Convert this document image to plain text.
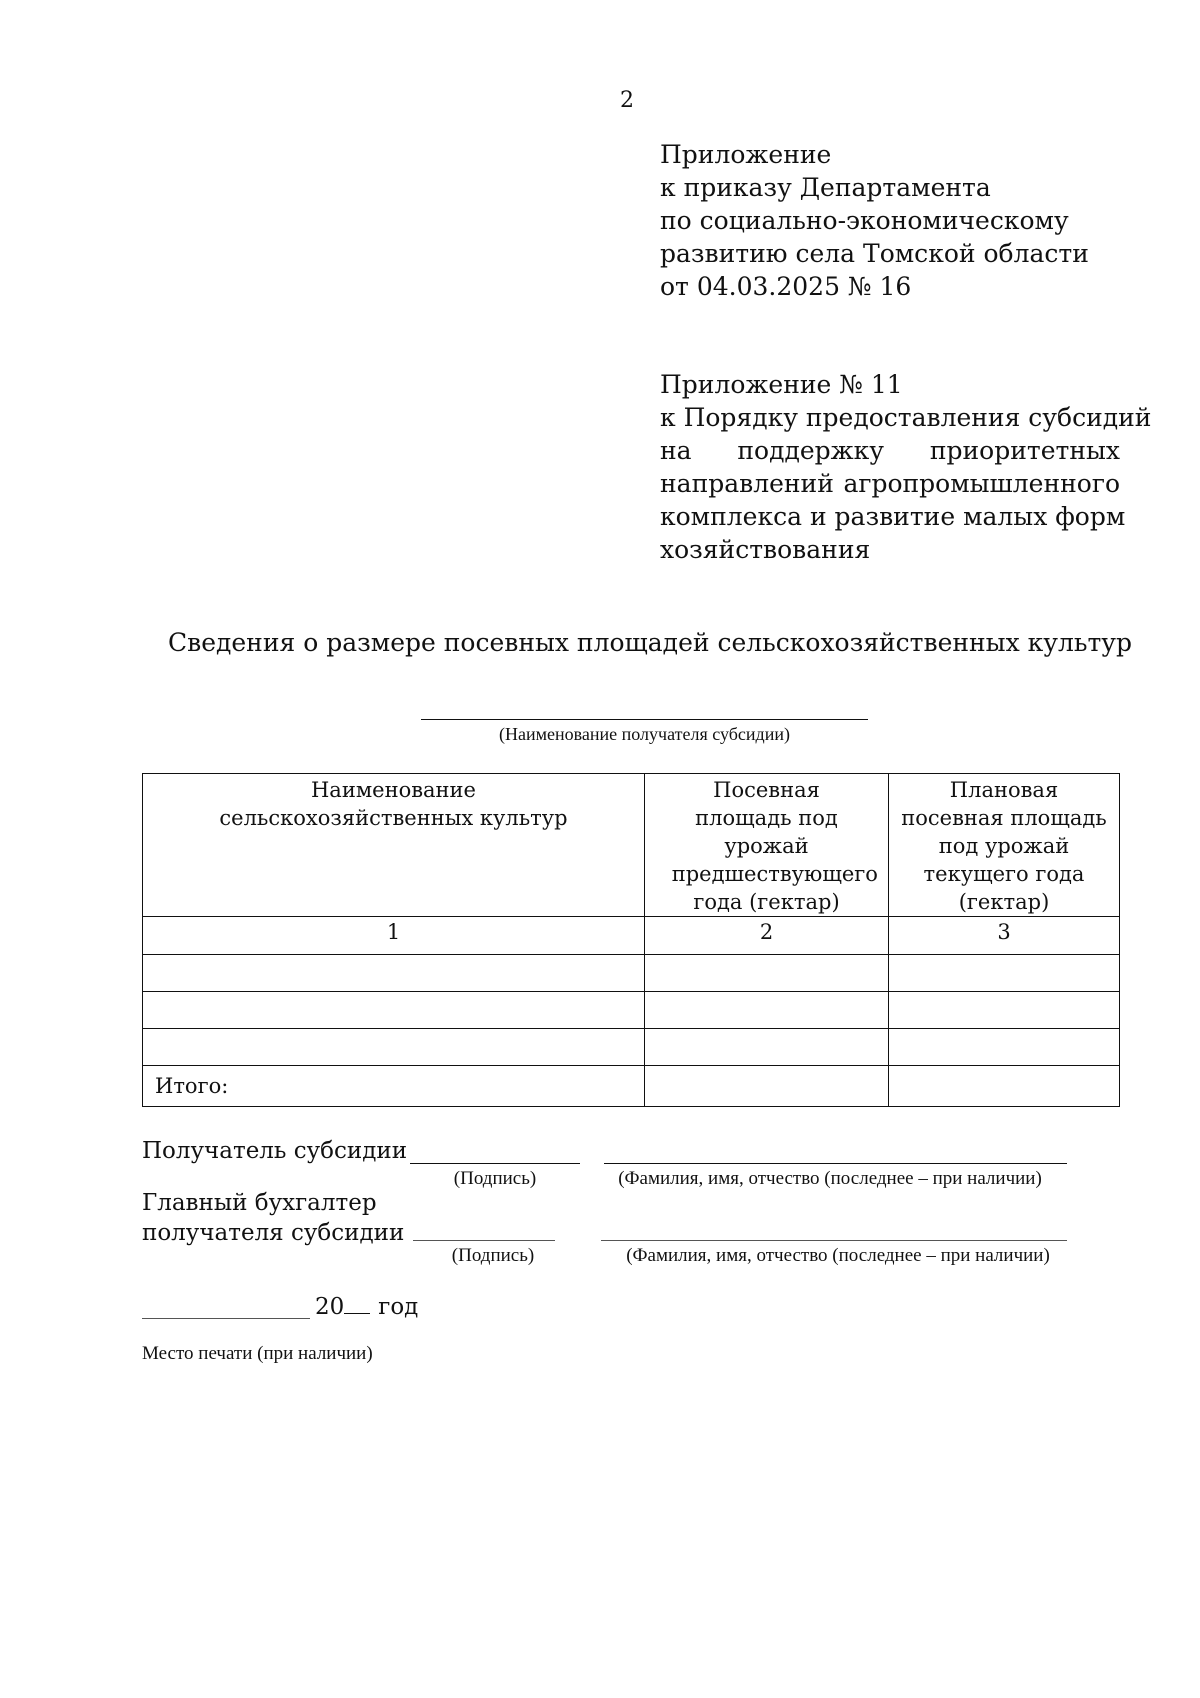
2
Приложение
к приказу Департамента
по социально-экономическому
развитию села Томской области
от 04.03.2025 № 16
Приложение № 11
к Порядку предоставления субсидий
на поддержку приоритетных
направлений агропромышленного
комплекса и развитие малых форм
хозяйствования
Сведения о размере посевных площадей сельскохозяйственных культур
(Наименование получателя субсидии)
Наименование сельскохозяйственных культур	Посевная площадь под урожай предшествующего года (гектар)	Плановая посевная площадь под урожай текущего года (гектар)
1	2	3

Итого:		
Получатель субсидии
(Подпись)	(Фамилия, имя, отчество (последнее – при наличии)
Главный бухгалтер
получателя субсидии
(Подпись)	(Фамилия, имя, отчество (последнее – при наличии)
20 год
Место печати (при наличии)
